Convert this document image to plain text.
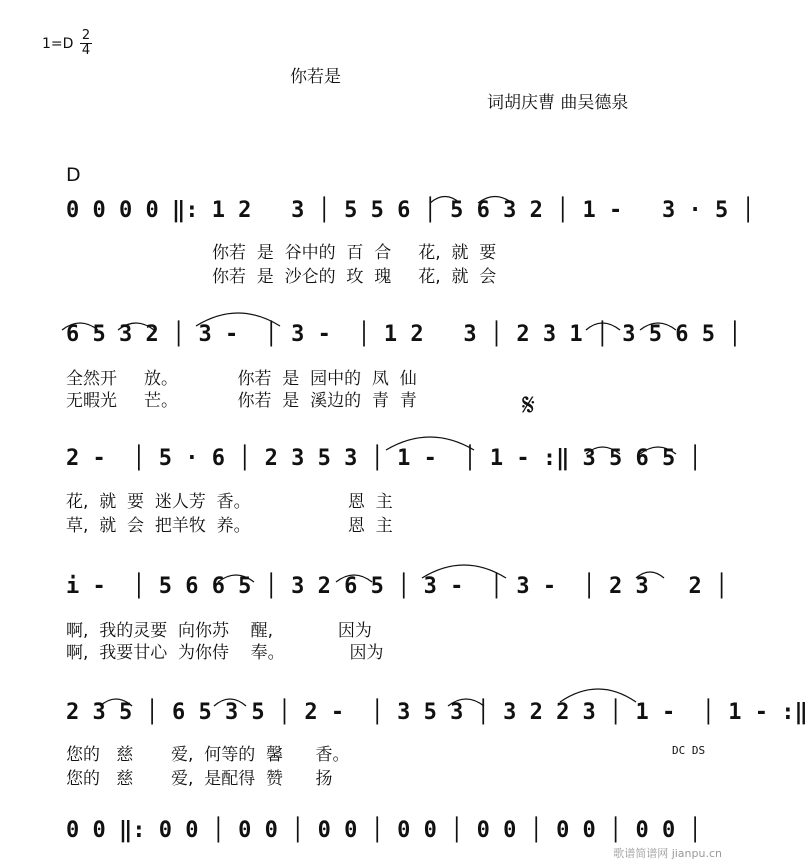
1=D
2
4
你若是
词胡庆曹 曲吴德泉
D
0 0 0 0 ‖: 1 2   3 │ 5 5 6 │ 5 6 3 2 │ 1 -   3 · 5 │
你若  是  谷中的  百  合     花,  就  要
你若  是  沙仑的  玫  瑰     花,  就  会
6 5 3 2 │ 3 -  │ 3 -  │ 1 2   3 │ 2 3 1 │ 3 5 6 5 │
全然开     放。           你若  是  园中的  凤  仙
无暇光     芒。           你若  是  溪边的  青  青	𝄋
2 -  │ 5 · 6 │ 2 3 5 3 │ 1 -  │ 1 - :‖ 3 5 6 5 │
花,  就  要  迷人芳  香。                  恩  主
草,  就  会  把羊牧  养。                  恩  主
i -  │ 5 6 6 5 │ 3 2 6 5 │ 3 -  │ 3 -  │ 2 3   2 │
啊,  我的灵要  向你苏    醒,            因为
啊,  我要甘心  为你侍    奉。            因为
2 3 5 │ 6 5 3 5 │ 2 -  │ 3 5 3 │ 3 2 2 3 │ 1 -  │ 1 - :‖
您的   慈       爱,  何等的  馨      香。
您的   慈       爱,  是配得  赞      扬
DC DS
0 0 ‖: 0 0 │ 0 0 │ 0 0 │ 0 0 │ 0 0 │ 0 0 │ 0 0 │
歌谱简谱网 jianpu.cn
